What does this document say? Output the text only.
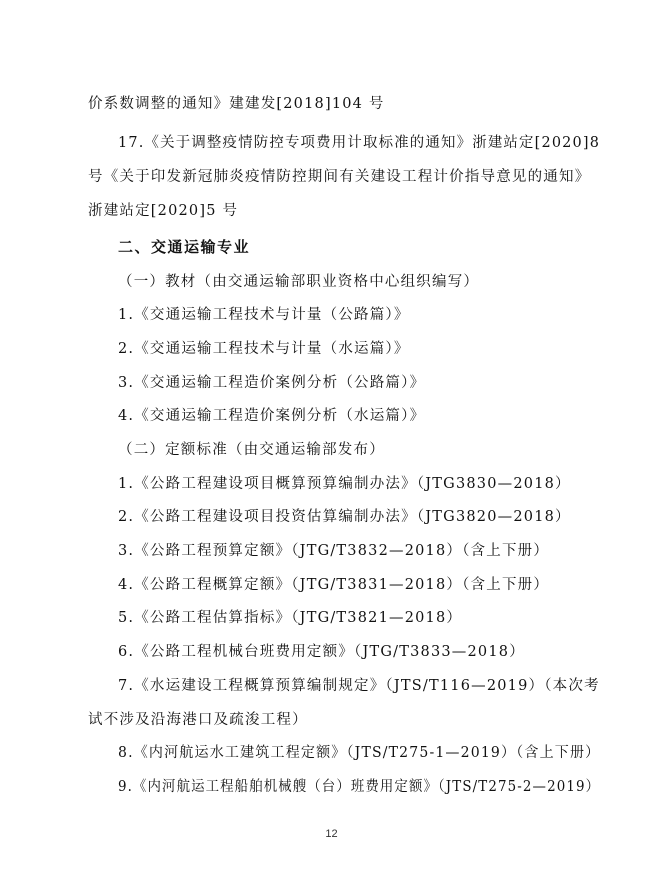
价系数调整的通知》建建发[2018]104 号
17.《关于调整疫情防控专项费用计取标准的通知》浙建站定[2020]8
号《关于印发新冠肺炎疫情防控期间有关建设工程计价指导意见的通知》
浙建站定[2020]5 号
二、交通运输专业
（一）教材（由交通运输部职业资格中心组织编写）
1.《交通运输工程技术与计量（公路篇）》
2.《交通运输工程技术与计量（水运篇）》
3.《交通运输工程造价案例分析（公路篇）》
4.《交通运输工程造价案例分析（水运篇）》
（二）定额标准（由交通运输部发布）
1.《公路工程建设项目概算预算编制办法》（JTG3830—2018）
2.《公路工程建设项目投资估算编制办法》（JTG3820—2018）
3.《公路工程预算定额》（JTG/T3832—2018）（含上下册）
4.《公路工程概算定额》（JTG/T3831—2018）（含上下册）
5.《公路工程估算指标》（JTG/T3821—2018）
6.《公路工程机械台班费用定额》（JTG/T3833—2018）
7.《水运建设工程概算预算编制规定》（JTS/T116—2019）（本次考
试不涉及沿海港口及疏浚工程）
8.《内河航运水工建筑工程定额》（JTS/T275-1—2019）（含上下册）
9.《内河航运工程船舶机械艘（台）班费用定额》（JTS/T275-2—2019）
12
